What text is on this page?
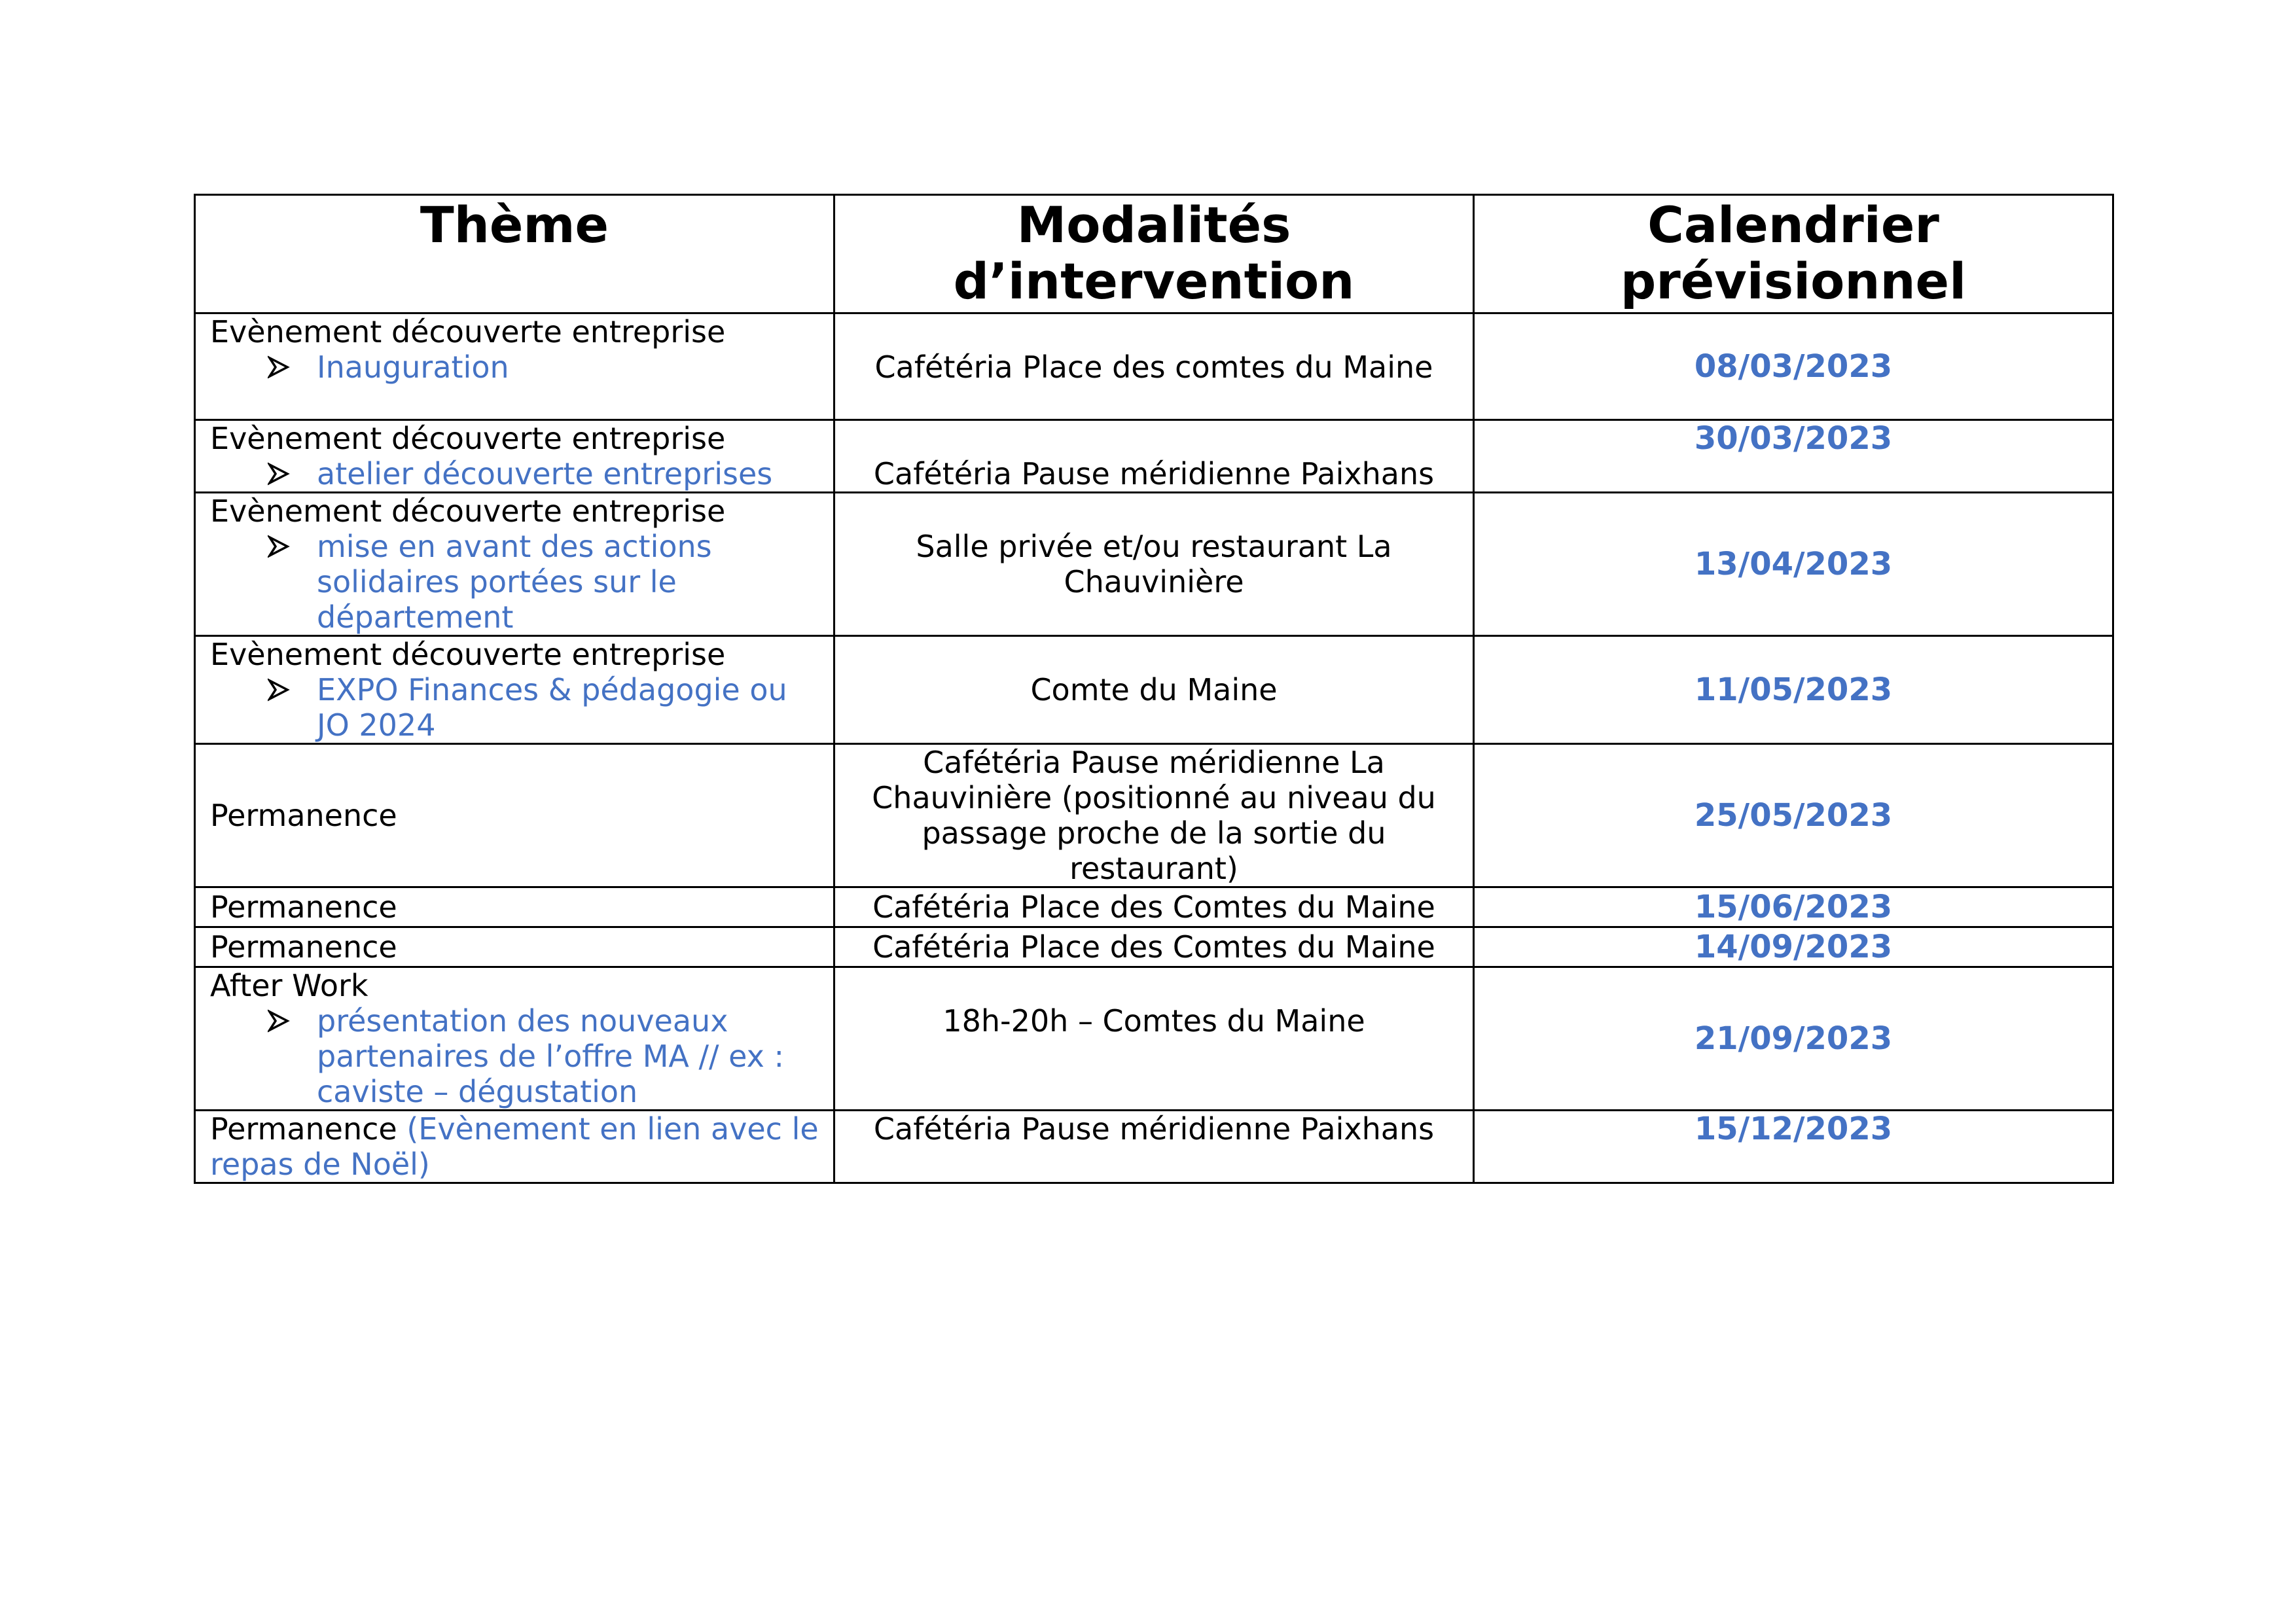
Thème	Modalités d’intervention	Calendrier prévisionnel

Evènement découverte entreprise
Inauguration	Cafétéria Place des comtes du Maine	08/03/2023

Evènement découverte entreprise
atelier découverte entreprises	Cafétéria Pause méridienne Paixhans	30/03/2023

Evènement découverte entreprise
mise en avant des actions solidaires portées sur le département	Salle privée et/ou restaurant La Chauvinière	13/04/2023

Evènement découverte entreprise
EXPO Finances & pédagogie ou JO 2024	Comte du Maine	11/05/2023

Permanence	Cafétéria Pause méridienne La Chauvinière (positionné au niveau du passage proche de la sortie du restaurant)	25/05/2023

Permanence	Cafétéria Place des Comtes du Maine	15/06/2023

Permanence	Cafétéria Place des Comtes du Maine	14/09/2023

After Work
présentation des nouveaux partenaires de l’offre MA // ex : caviste – dégustation	18h-20h – Comtes du Maine	21/09/2023
Permanence (Evènement en lien avec le repas de Noël)	Cafétéria Pause méridienne Paixhans	15/12/2023
